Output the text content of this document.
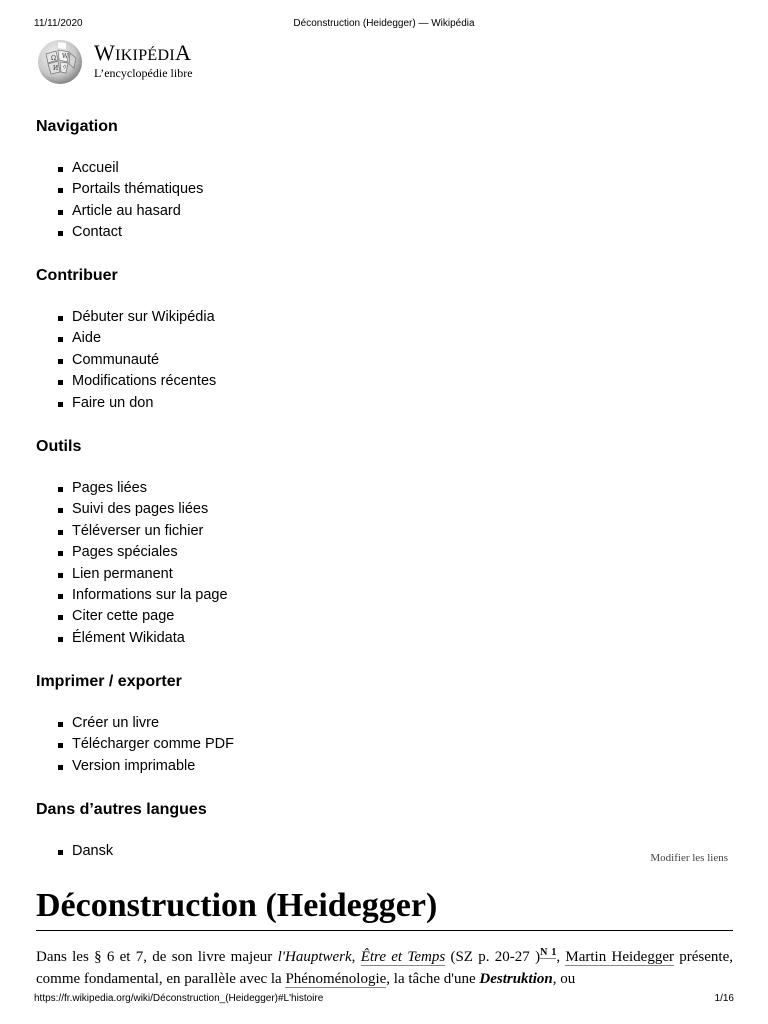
11/11/2020	Déconstruction (Heidegger) — Wikipédia
Ω W
И ウ
WIKIPÉDIA
L’encyclopédie libre
Navigation
Accueil
Portails thématiques
Article au hasard
Contact
Contribuer
Débuter sur Wikipédia
Aide
Communauté
Modifications récentes
Faire un don
Outils
Pages liées
Suivi des pages liées
Téléverser un fichier
Pages spéciales
Lien permanent
Informations sur la page
Citer cette page
Élément Wikidata
Imprimer / exporter
Créer un livre
Télécharger comme PDF
Version imprimable
Dans d’autres langues
Dansk	Modifier les liens
Déconstruction (Heidegger)
Dans les § 6 et 7, de son livre majeur l'Hauptwerk, Être et Temps (SZ p. 20-27 )$^{N 1}$, Martin Heidegger présente, comme fondamental, en parallèle avec la Phénoménologie, la tâche d'une Destruktion, ou
https://fr.wikipedia.org/wiki/Déconstruction_(Heidegger)#L'histoire	1/16
